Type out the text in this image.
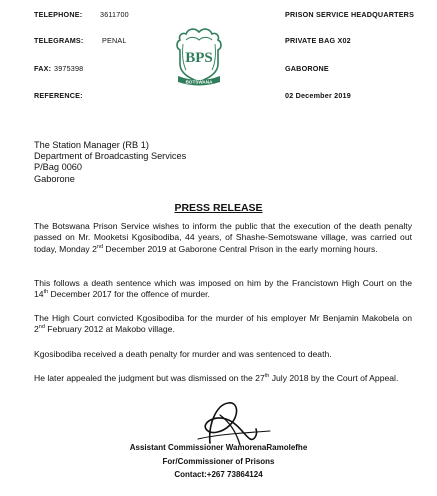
TELEPHONE: 3611700
TELEGRAMS:	PENAL
FAX: 3975398
REFERENCE:
BPS
BOTSWANA
PRISON SERVICE HEADQUARTERS
PRIVATE BAG X02
GABORONE
02 December 2019
The Station Manager (RB 1)
Department of Broadcasting Services
P/Bag 0060
Gaborone
PRESS RELEASE
The Botswana Prison Service wishes to inform the public that the execution of the death penalty passed on Mr. Mooketsi Kgosibodiba, 44 years, of Shashe-Semotswane village, was carried out today, Monday 2nd December 2019 at Gaborone Central Prison in the early morning hours.
This follows a death sentence which was imposed on him by the Francistown High Court on the 14th December 2017 for the offence of murder.
The High Court convicted Kgosibodiba for the murder of his employer Mr Benjamin Makobela on 2nd February 2012 at Makobo village.
Kgosibodiba received a death penalty for murder and was sentenced to death.
He later appealed the judgment but was dismissed on the 27th July 2018 by the Court of Appeal.
Assistant Commissioner WamorenaRamolefhe
For/Commissioner of Prisons
Contact:+267 73864124
